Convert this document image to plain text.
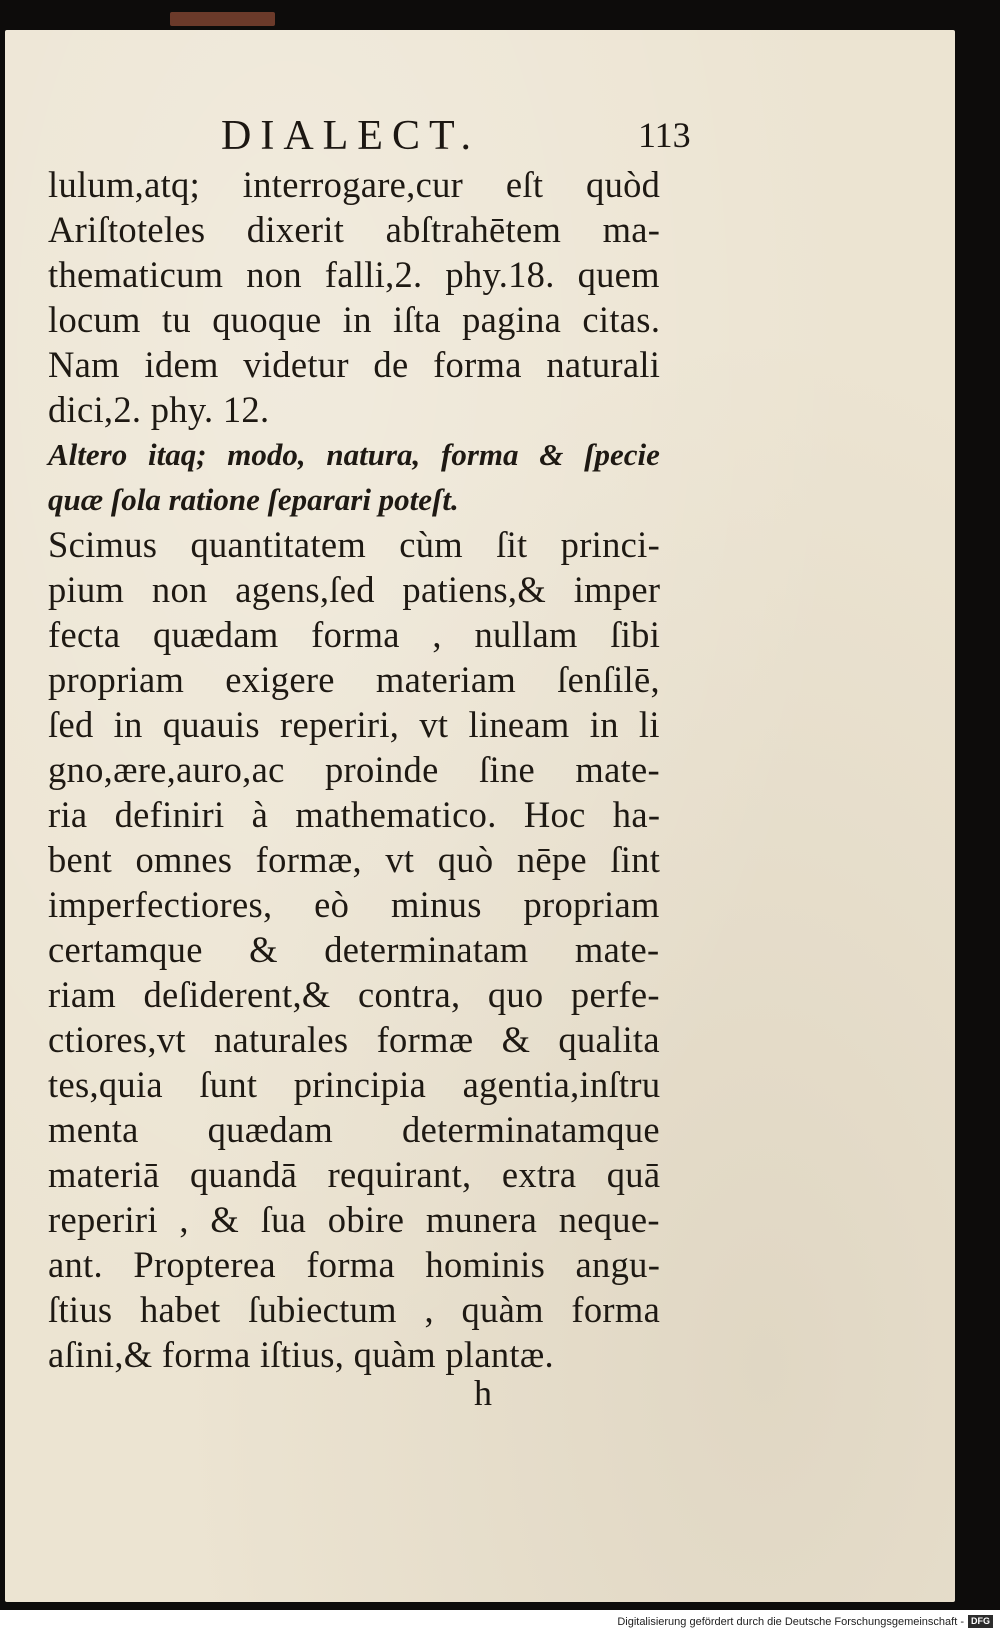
DIALECT.	113
lulum,atq; interrogare,cur eſt quòd
Ariſtoteles dixerit abſtrahētem ma-
thematicum non falli,2. phy.18. quem
locum tu quoque in iſta pagina citas.
Nam idem videtur de forma naturali
dici,2. phy. 12.
Altero itaq; modo, natura, forma & ſpecie
quæ ſola ratione ſeparari poteſt.
Scimus quantitatem cùm ſit princi-
pium non agens,ſed patiens,& imper
fecta quædam forma , nullam ſibi
propriam exigere materiam ſenſilē,
ſed in quauis reperiri, vt lineam in li
gno,ære,auro,ac proinde ſine mate-
ria definiri à mathematico. Hoc ha-
bent omnes formæ, vt quò nēpe ſint
imperfectiores, eò minus propriam
certamque & determinatam mate-
riam deſiderent,& contra, quo perfe-
ctiores,vt naturales formæ & qualita
tes,quia ſunt principia agentia,inſtru
menta quædam determinatamque
materiā quandā requirant, extra quā
reperiri , & ſua obire munera neque-
ant. Propterea forma hominis angu-
ſtius habet ſubiectum , quàm forma
aſini,& forma iſtius, quàm plantæ.
h
Digitalisierung gefördert durch die Deutsche Forschungsgemeinschaft - DFG
